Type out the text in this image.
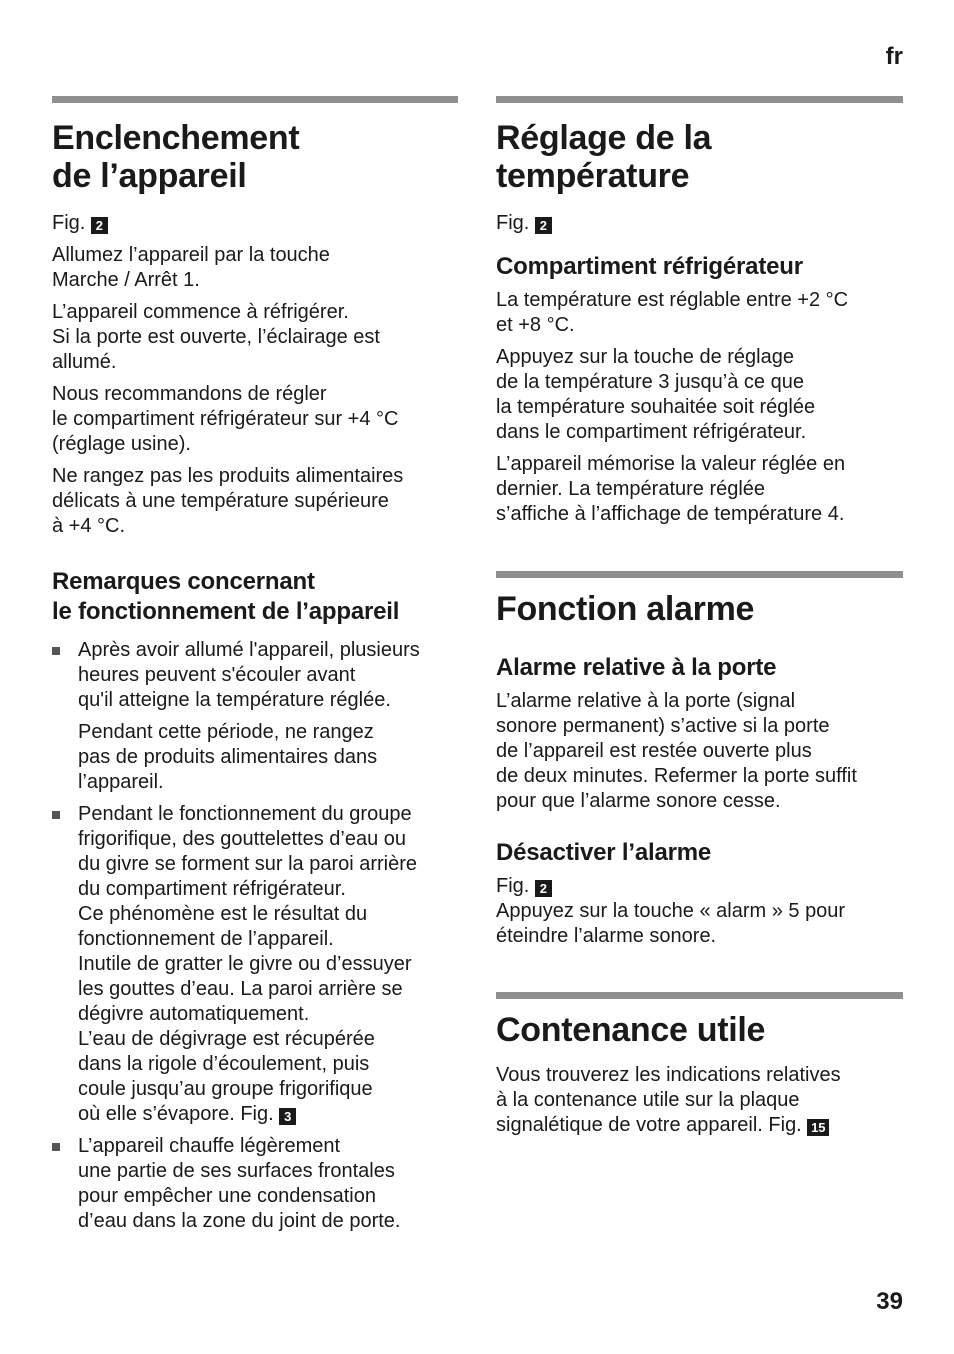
fr
Enclenchement
de l’appareil

Fig. 2

Allumez l’appareil par la touche
Marche / Arrêt 1.

L’appareil commence à réfrigérer.
Si la porte est ouverte, l’éclairage est
allumé.

Nous recommandons de régler
le compartiment réfrigérateur sur +4 °C
(réglage usine).

Ne rangez pas les produits alimentaires
délicats à une température supérieure
à +4 °C.

Remarques concernant
le fonctionnement de l’appareil

Après avoir allumé l'appareil, plusieurs
heures peuvent s'écouler avant
qu'il atteigne la température réglée.

Pendant cette période, ne rangez
pas de produits alimentaires dans
l’appareil.

Pendant le fonctionnement du groupe
frigorifique, des gouttelettes d’eau ou
du givre se forment sur la paroi arrière
du compartiment réfrigérateur.
Ce phénomène est le résultat du
fonctionnement de l’appareil.
Inutile de gratter le givre ou d’essuyer
les gouttes d’eau. La paroi arrière se
dégivre automatiquement.
L’eau de dégivrage est récupérée
dans la rigole d’écoulement, puis
coule jusqu’au groupe frigorifique
où elle s’évapore. Fig. 3

L’appareil chauffe légèrement
une partie de ses surfaces frontales
pour empêcher une condensation
d’eau dans la zone du joint de porte.

Réglage de la
température

Fig. 2

Compartiment réfrigérateur

La température est réglable entre +2 °C
et +8 °C.

Appuyez sur la touche de réglage
de la température 3 jusqu’à ce que
la température souhaitée soit réglée
dans le compartiment réfrigérateur.

L’appareil mémorise la valeur réglée en
dernier. La température réglée
s’affiche à l’affichage de température 4.

Fonction alarme
Alarme relative à la porte

L’alarme relative à la porte (signal
sonore permanent) s’active si la porte
de l’appareil est restée ouverte plus
de deux minutes. Refermer la porte suffit
pour que l’alarme sonore cesse.

Désactiver l’alarme

Fig. 2
Appuyez sur la touche « alarm » 5 pour
éteindre l’alarme sonore.

Contenance utile

Vous trouverez les indications relatives
à la contenance utile sur la plaque
signalétique de votre appareil. Fig. 15

39
